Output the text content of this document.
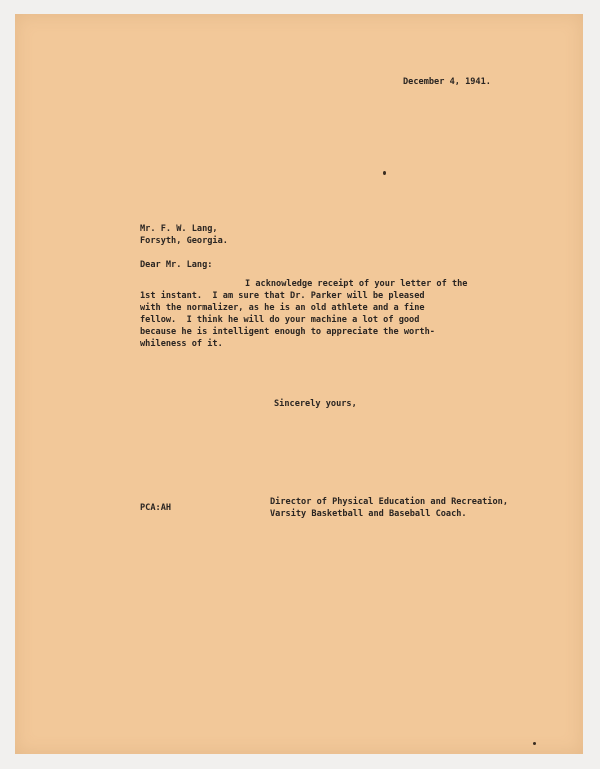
December 4, 1941.

Mr. F. W. Lang,

Forsyth, Georgia.

Dear Mr. Lang:

I acknowledge receipt of your letter of the

1st instant.  I am sure that Dr. Parker will be pleased

with the normalizer, as he is an old athlete and a fine

fellow.  I think he will do your machine a lot of good

because he is intelligent enough to appreciate the worth-

whileness of it.

Sincerely yours,

Director of Physical Education and Recreation,

Varsity Basketball and Baseball Coach.

PCA:AH
